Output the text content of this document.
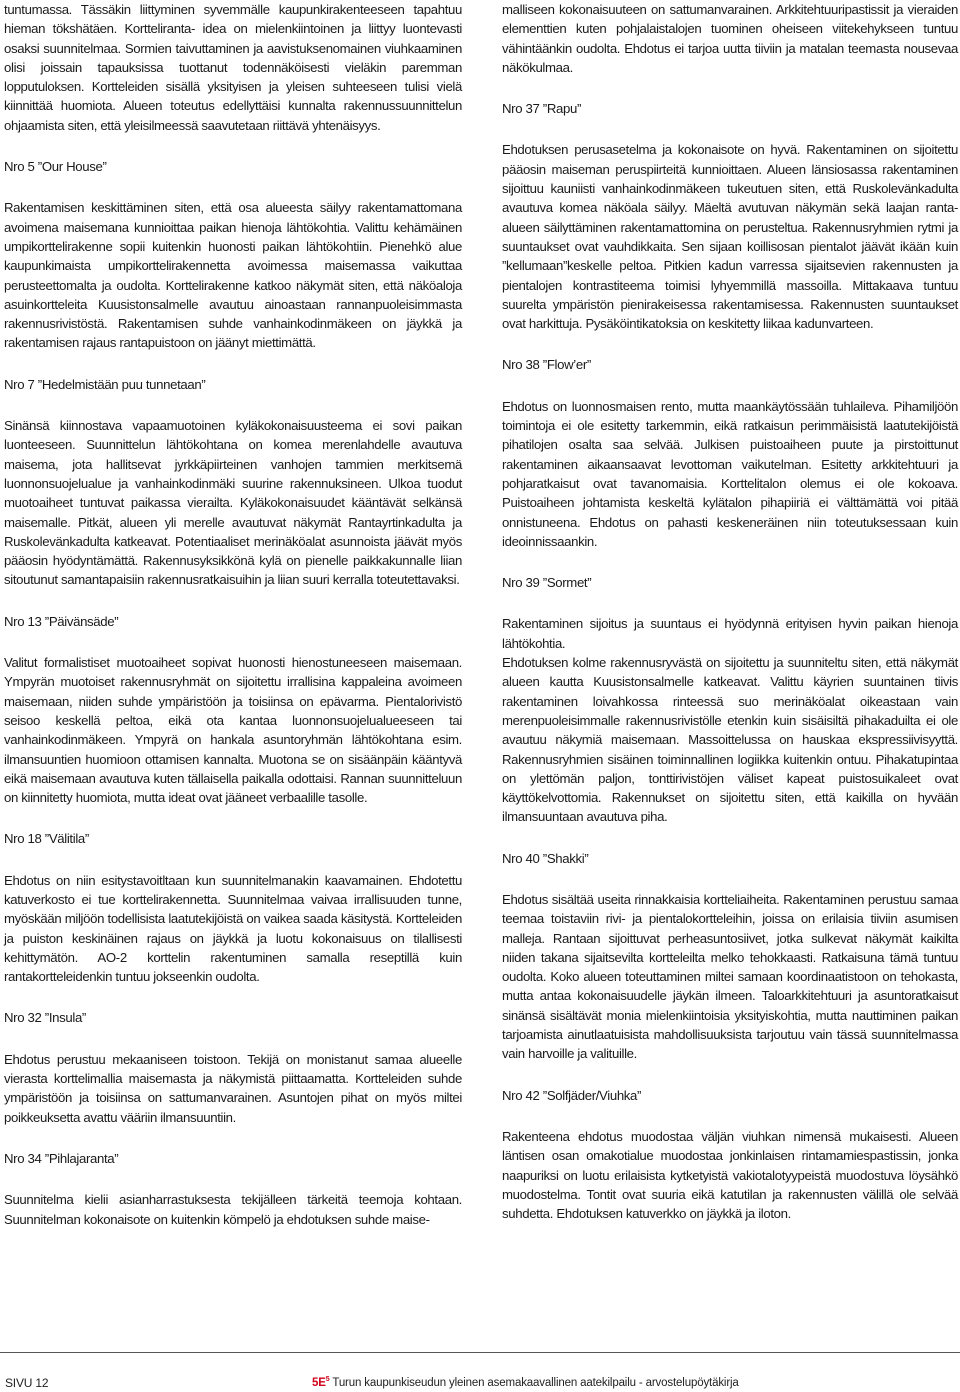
tuntumassa. Tässäkin liittyminen syvemmälle kaupunkirakenteeseen tapahtuu hieman tökshätäen. Kortteliranta- idea on mielenkiintoinen ja liittyy luontevasti osaksi suunnitelmaa. Sormien taivuttaminen ja aavistuksenomainen viuhkaaminen olisi joissain tapauksissa tuottanut todennäköisesti vieläkin paremman lopputuloksen. Kortteleiden sisällä yksityisen ja yleisen suhteeseen tulisi vielä kiinnittää huomiota. Alueen toteutus edellyttäisi kunnalta rakennussuunnittelun ohjaamista siten, että yleisilmeessä saavutetaan riittävä yhtenäisyys.

Nro 5 ”Our House”

Rakentamisen keskittäminen siten, että osa alueesta säilyy rakentamattomana avoimena maisemana kunnioittaa paikan hienoja lähtökohtia. Valittu kehämäinen umpikorttelirakenne sopii kuitenkin huonosti paikan lähtökohtiin. Pienehkö alue kaupunkimaista umpikorttelirakennetta avoimessa maisemassa vaikuttaa perusteettomalta ja oudolta. Korttelirakenne katkoo näkymät siten, että näköaloja asuinkortteleita Kuusistonsalmelle avautuu ainoastaan rannanpuoleisimmasta rakennusrivistöstä. Rakentamisen suhde vanhainkodinmäkeen on jäykkä ja rakentamisen rajaus rantapuistoon on jäänyt miettimättä.

Nro 7 ”Hedelmistään puu tunnetaan”

Sinänsä kiinnostava vapaamuotoinen kyläkokonaisuusteema ei sovi paikan luonteeseen. Suunnittelun lähtökohtana on komea merenlahdelle avautuva maisema, jota hallitsevat jyrkkäpiirteinen vanhojen tammien merkitsemä luonnonsuojelualue ja vanhainkodinmäki suurine rakennuksineen. Ulkoa tuodut muotoaiheet tuntuvat paikassa vierailta. Kyläkokonaisuudet kääntävät selkänsä maisemalle. Pitkät, alueen yli merelle avautuvat näkymät Rantayrtinkadulta ja Ruskolevänkadulta katkeavat. Potentiaaliset merinäköalat asunnoista jäävät myös pääosin hyödyntämättä. Rakennusyksikkönä kylä on pienelle paikkakunnalle liian sitoutunut samantapaisiin rakennusratkaisuihin ja liian suuri kerralla toteutettavaksi.

Nro 13 ”Päivänsäde”

Valitut formalistiset muotoaiheet sopivat huonosti hienostuneeseen maisemaan. Ympyrän muotoiset rakennusryhmät on sijoitettu irrallisina kappaleina avoimeen maisemaan, niiden suhde ympäristöön ja toisiinsa on epävarma. Pientalorivistö seisoo keskellä peltoa, eikä ota kantaa luonnonsuojelualueeseen tai vanhainkodinmäkeen. Ympyrä on hankala asuntoryhmän lähtökohtana esim. ilmansuuntien huomioon ottamisen kannalta. Muotona se on sisäänpäin kääntyvä eikä maisemaan avautuva kuten tällaisella paikalla odottaisi. Rannan suunnitteluun on kiinnitetty huomiota, mutta ideat ovat jääneet verbaalille tasolle.

Nro 18 ”Välitila”

Ehdotus on niin esitystavoitltaan kun suunnitelmanakin kaavamainen. Ehdotettu katuverkosto ei tue korttelirakennetta. Suunnitelmaa vaivaa irrallisuuden tunne, myöskään miljöön todellisista laatutekijöistä on vaikea saada käsitystä. Kortteleiden ja puiston keskinäinen rajaus on jäykkä ja luotu kokonaisuus on tilallisesti kehittymätön. AO-2 korttelin rakentuminen samalla reseptillä kuin rantakortteleidenkin tuntuu jokseenkin oudolta.

Nro 32 ”Insula”

Ehdotus perustuu mekaaniseen toistoon. Tekijä on monistanut samaa alueelle vierasta korttelimallia maisemasta ja näkymistä piittaamatta. Kortteleiden suhde ympäristöön ja toisiinsa on sattumanvarainen. Asuntojen pihat on myös miltei poikkeuksetta avattu vääriin ilmansuuntiin.

Nro 34 ”Pihlajaranta”

Suunnitelma kielii asianharrastuksesta tekijälleen tärkeitä teemoja kohtaan. Suunnitelman kokonaisote on kuitenkin kömpelö ja ehdotuksen suhde maise-

malliseen kokonaisuuteen on sattumanvarainen. Arkkitehtuuripastissit ja vieraiden elementtien kuten pohjalaistalojen tuominen oheiseen viitekehykseen tuntuu vähintäänkin oudolta. Ehdotus ei tarjoa uutta tiiviin ja matalan teemasta nousevaa näkökulmaa.

Nro 37 ”Rapu”

Ehdotuksen perusasetelma ja kokonaisote on hyvä. Rakentaminen on sijoitettu pääosin maiseman peruspiirteitä kunnioittaen. Alueen länsiosassa rakentaminen sijoittuu kauniisti vanhainkodinmäkeen tukeutuen siten, että Ruskolevänkadulta avautuva komea näköala säilyy. Mäeltä avutuvan näkymän sekä laajan ranta-alueen säilyttäminen rakentamattomina on perusteltua. Rakennusryhmien rytmi ja suuntaukset ovat vauhdikkaita. Sen sijaan koillisosan pientalot jäävät ikään kuin ”kellumaan”keskelle peltoa. Pitkien kadun varressa sijaitsevien rakennusten ja pientalojen kontrastiteema toimisi lyhyemmillä massoilla. Mittakaava tuntuu suurelta ympäristön pienirakeisessa rakentamisessa. Rakennusten suuntaukset ovat harkittuja. Pysäköintikatoksia on keskitetty liikaa kadunvarteen.

Nro 38 ”Flow’er”

Ehdotus on luonnosmaisen rento, mutta maankäytössään tuhlaileva. Pihamiljöön toimintoja ei ole esitetty tarkemmin, eikä ratkaisun perimmäisistä laatutekijöistä pihatilojen osalta saa selvää. Julkisen puistoaiheen puute ja pirstoittunut rakentaminen aikaansaavat levottoman vaikutelman. Esitetty arkkitehtuuri ja pohjaratkaisut ovat tavanomaisia. Korttelitalon olemus ei ole kokoava. Puistoaiheen johtamista keskeltä kylätalon pihapiiriä ei välttämättä voi pitää onnistuneena. Ehdotus on pahasti keskeneräinen niin toteutuksessaan kuin ideoinnissaankin.

Nro 39 ”Sormet”

Rakentaminen sijoitus ja suuntaus ei hyödynnä erityisen hyvin paikan hienoja lähtökohtia.
Ehdotuksen kolme rakennusryvästä on sijoitettu ja suunniteltu siten, että näkymät alueen kautta Kuusistonsalmelle katkeavat. Valittu käyrien suuntainen tiivis rakentaminen loivahkossa rinteessä suo merinäköalat oikeastaan vain merenpuoleisimmalle rakennusrivistölle etenkin kuin sisäisiltä pihakaduilta ei ole avautuu näkymiä maisemaan. Massoittelussa on hauskaa ekspressiivisyyttä. Rakennusryhmien sisäinen toiminnallinen logiikka kuitenkin ontuu. Pihakatupintaa on ylettömän paljon, tonttirivistöjen väliset kapeat puistosuikaleet ovat käyttökelvottomia. Rakennukset on sijoitettu siten, että kaikilla on hyvään ilmansuuntaan avautuva piha.

Nro 40 ”Shakki”

Ehdotus sisältää useita rinnakkaisia kortteliaiheita. Rakentaminen perustuu samaa teemaa toistaviin rivi- ja pientalokortteleihin, joissa on erilaisia tiiviin asumisen malleja. Rantaan sijoittuvat perheasuntosiivet, jotka sulkevat näkymät kaikilta niiden takana sijaitsevilta kortteleilta melko tehokkaasti. Ratkaisuna tämä tuntuu oudolta. Koko alueen toteuttaminen miltei samaan koordinaatistoon on tehokasta, mutta antaa kokonaisuudelle jäykän ilmeen. Taloarkkitehtuuri ja asuntoratkaisut sinänsä sisältävät monia mielenkiintoisia yksityiskohtia, mutta nauttiminen paikan tarjoamista ainutlaatuisista mahdollisuuksista tarjoutuu vain tässä suunnitelmassa vain harvoille ja valituille.

Nro 42 ”Solfjäder/Viuhka”

Rakenteena ehdotus muodostaa väljän viuhkan nimensä mukaisesti. Alueen läntisen osan omakotialue muodostaa jonkinlaisen rintamamiespastissin, jonka naapuriksi on luotu erilaisista kytketyistä vakiotalotyypeistä muodostuva löysähkö muodostelma. Tontit ovat suuria eikä katutilan ja rakennusten välillä ole selvää suhdetta. Ehdotuksen katuverkko on jäykkä ja iloton.

SIVU 12	$5E^5$ Turun kaupunkiseudun yleinen asemakaavallinen aatekilpailu - arvostelupöytäkirja
